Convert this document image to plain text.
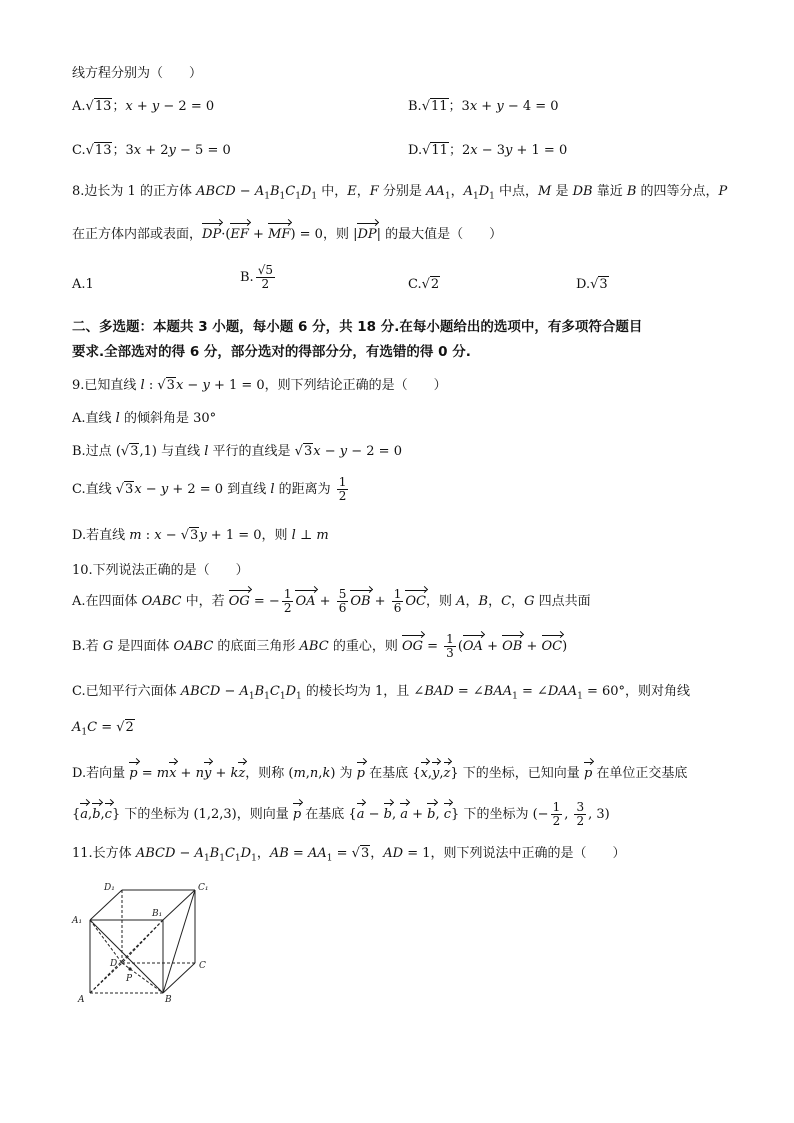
线方程分别为（　　）
A.√13；x + y − 2 = 0	B.√11；3x + y − 4 = 0
C.√13；3x + 2y − 5 = 0	D.√11；2x − 3y + 1 = 0
8.边长为 1 的正方体 ABCD − $A_1B_1C_1D_1$ 中，E，F 分别是 $AA_1$，$A_1D_1$ 中点，M 是 DB 靠近 B 的四等分点，P
在正方体内部或表面，DP·(EF + MF) = 0，则 |DP| 的最大值是（　　）
A.1	B. $\frac{√5}{2}$	C.√2	D.√3
二、多选题：本题共 3 小题，每小题 6 分，共 18 分.在每小题给出的选项中，有多项符合题目
要求.全部选对的得 6 分，部分选对的得部分分，有选错的得 0 分.
9.已知直线 l : √3x − y + 1 = 0，则下列结论正确的是（　　）
A.直线 l 的倾斜角是 30°
B.过点 (√3,1) 与直线 l 平行的直线是 √3x − y − 2 = 0
C.直线 √3x − y + 2 = 0 到直线 l 的距离为 $\frac{1}{2}$
D.若直线 m : x − √3y + 1 = 0，则 l ⊥ m
10.下列说法正确的是（　　）
A.在四面体 OABC 中，若 OG = − $\frac{1}{2}$ OA + $\frac{5}{6}$ OB + $\frac{1}{6}$ OC，则 A，B，C，G 四点共面
B.若 G 是四面体 OABC 的底面三角形 ABC 的重心，则 OG = $\frac{1}{3} (OA$ + OB + OC)
C.已知平行六面体 ABCD − $A_1B_1C_1D_1$ 的棱长均为 1，且 ∠BAD = $\angle BAA_1$ = $\angle DAA_1 = 60^\circ$，则对角线
$A_1C = √2$
D.若向量 p = mx + ny + kz，则称 (m,n,k) 为 p 在基底 {x,y,z} 下的坐标，已知向量 p 在单位正交基底
{a,b,c} 下的坐标为 (1,2,3)，则向量 p 在基底 {a − b, a + b, c} 下的坐标为 (− $\frac{1}{2}$ , $\frac{3}{2}$ , 3)
11.长方体 ABCD − $A_1B_1C_1D_1$，AB = $AA_1 = √3$，AD = 1，则下列说法中正确的是（　　）
D₁	C₁
A₁
B₁
D	C
P
A	B
